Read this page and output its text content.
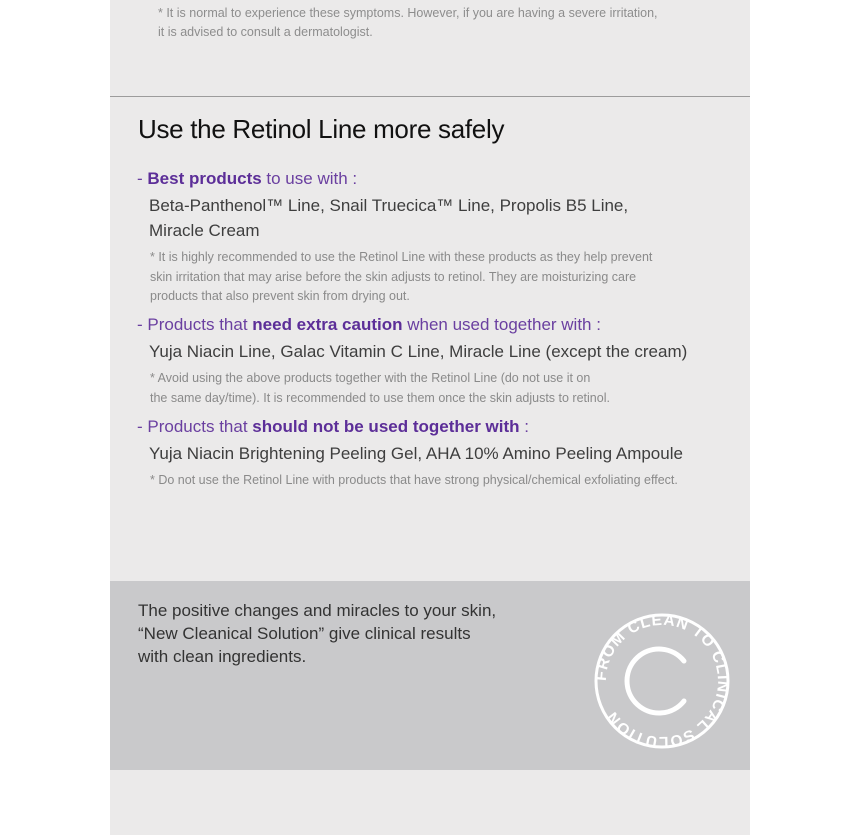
* It is normal to experience these symptoms. However, if you are having a severe irritation,
it is advised to consult a dermatologist.
Use the Retinol Line more safely
- Best products to use with :
Beta-Panthenol™ Line, Snail Truecica™ Line, Propolis B5 Line,
Miracle Cream
* It is highly recommended to use the Retinol Line with these products as they help prevent
skin irritation that may arise before the skin adjusts to retinol. They are moisturizing care
products that also prevent skin from drying out.
- Products that need extra caution when used together with :
Yuja Niacin Line, Galac Vitamin C Line, Miracle Line (except the cream)
* Avoid using the above products together with the Retinol Line (do not use it on
the same day/time). It is recommended to use them once the skin adjusts to retinol.
- Products that should not be used together with :
Yuja Niacin Brightening Peeling Gel, AHA 10% Amino Peeling Ampoule
* Do not use the Retinol Line with products that have strong physical/chemical exfoliating effect.
The positive changes and miracles to your skin,
“New Cleanical Solution” give clinical results
with clean ingredients.
FROM CLEAN TO CLINICAL SOLUTION
